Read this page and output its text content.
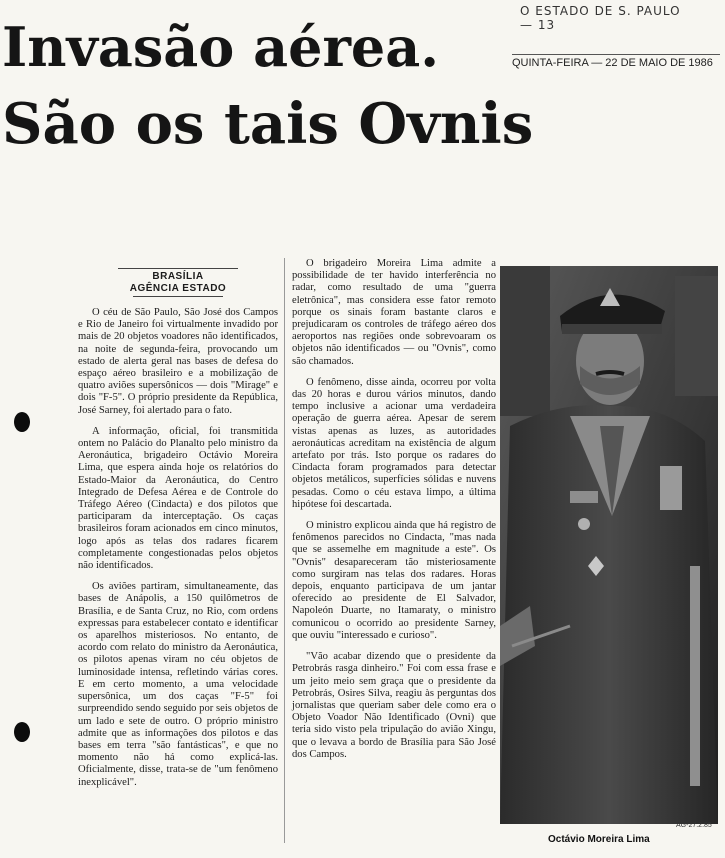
O ESTADO DE S. PAULO — 13
QUINTA-FEIRA — 22 DE MAIO DE 1986
Invasão aérea.
São os tais Ovnis
BRASÍLIA
AGÊNCIA ESTADO

O céu de São Paulo, São José dos Campos e Rio de Janeiro foi virtualmente invadido por mais de 20 objetos voadores não identificados, na noite de segunda-feira, provocando um estado de alerta geral nas bases de defesa do espaço aéreo brasileiro e a mobilização de quatro aviões supersônicos — dois "Mirage" e dois "F-5". O próprio presidente da República, José Sarney, foi alertado para o fato.

A informação, oficial, foi transmitida ontem no Palácio do Planalto pelo ministro da Aeronáutica, brigadeiro Octávio Moreira Lima, que espera ainda hoje os relatórios do Estado-Maior da Aeronáutica, do Centro Integrado de Defesa Aérea e de Controle do Tráfego Aéreo (Cindacta) e dos pilotos que participaram da interceptação. Os caças brasileiros foram acionados em cinco minutos, logo após as telas dos radares ficarem completamente congestionadas pelos objetos não identificados.

Os aviões partiram, simultaneamente, das bases de Anápolis, a 150 quilômetros de Brasília, e de Santa Cruz, no Rio, com ordens expressas para estabelecer contato e identificar os aparelhos misteriosos. No entanto, de acordo com relato do ministro da Aeronáutica, os pilotos apenas viram no céu objetos de luminosidade intensa, refletindo várias cores. E em certo momento, a uma velocidade supersônica, um dos caças "F-5" foi surpreendido sendo seguido por seis objetos de um lado e sete de outro. O próprio ministro admite que as informações dos pilotos e das bases em terra "são fantásticas", e que no momento não há como explicá-las. Oficialmente, disse, trata-se de "um fenômeno inexplicável".

O brigadeiro Moreira Lima admite a possibilidade de ter havido interferência no radar, como resultado de uma "guerra eletrônica", mas considera esse fator remoto porque os sinais foram bastante claros e prejudicaram os controles de tráfego aéreo dos aeroportos nas regiões onde sobrevoaram os objetos não identificados — ou "Ovnis", como são chamados.

O fenômeno, disse ainda, ocorreu por volta das 20 horas e durou vários minutos, dando tempo inclusive a acionar uma verdadeira operação de guerra aérea. Apesar de serem vistas apenas as luzes, as autoridades aeronáuticas acreditam na existência de algum artefato por trás. Isto porque os radares do Cindacta foram programados para detectar objetos metálicos, superfícies sólidas e nuvens pesadas. Como o céu estava limpo, a última hipótese foi descartada.

O ministro explicou ainda que há registro de fenômenos parecidos no Cindacta, "mas nada que se assemelhe em magnitude a este". Os "Ovnis" desapareceram tão misteriosamente como surgiram nas telas dos radares. Horas depois, enquanto participava de um jantar oferecido ao presidente de El Salvador, Napoleón Duarte, no Itamaraty, o ministro comunicou o ocorrido ao presidente Sarney, que ouviu "interessado e curioso".

"Vão acabar dizendo que o presidente da Petrobrás rasga dinheiro." Foi com essa frase e um jeito meio sem graça que o presidente da Petrobrás, Osires Silva, reagiu às perguntas dos jornalistas que queriam saber dele como era o Objeto Voador Não Identificado (Ovni) que teria sido visto pela tripulação do avião Xingu, que o levava a bordo de Brasília para São José dos Campos.

Octávio Moreira Lima
AG-27.2.85
